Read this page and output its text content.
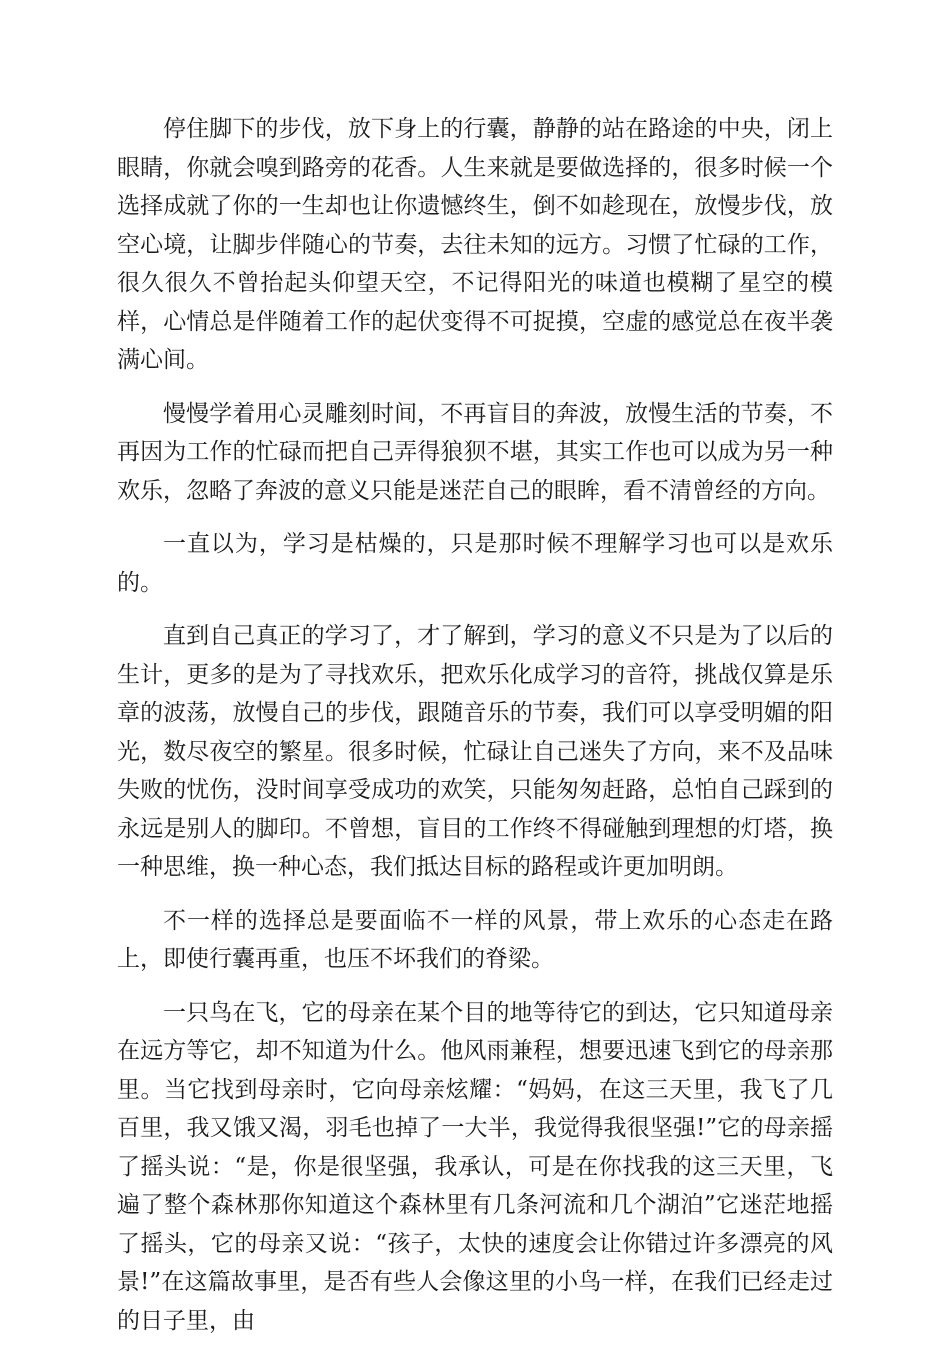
停住脚下的步伐，放下身上的行囊，静静的站在路途的中央，闭上眼睛，你就会嗅到路旁的花香。人生来就是要做选择的，很多时候一个选择成就了你的一生却也让你遗憾终生，倒不如趁现在，放慢步伐，放空心境，让脚步伴随心的节奏，去往未知的远方。习惯了忙碌的工作，很久很久不曾抬起头仰望天空，不记得阳光的味道也模糊了星空的模样，心情总是伴随着工作的起伏变得不可捉摸，空虚的感觉总在夜半袭满心间。

慢慢学着用心灵雕刻时间，不再盲目的奔波，放慢生活的节奏，不再因为工作的忙碌而把自己弄得狼狈不堪，其实工作也可以成为另一种欢乐，忽略了奔波的意义只能是迷茫自己的眼眸，看不清曾经的方向。

一直以为，学习是枯燥的，只是那时候不理解学习也可以是欢乐的。

直到自己真正的学习了，才了解到，学习的意义不只是为了以后的生计，更多的是为了寻找欢乐，把欢乐化成学习的音符，挑战仅算是乐章的波荡，放慢自己的步伐，跟随音乐的节奏，我们可以享受明媚的阳光，数尽夜空的繁星。很多时候，忙碌让自己迷失了方向，来不及品味失败的忧伤，没时间享受成功的欢笑，只能匆匆赶路，总怕自己踩到的永远是别人的脚印。不曾想，盲目的工作终不得碰触到理想的灯塔，换一种思维，换一种心态，我们抵达目标的路程或许更加明朗。

不一样的选择总是要面临不一样的风景，带上欢乐的心态走在路上，即使行囊再重，也压不坏我们的脊梁。

一只鸟在飞，它的母亲在某个目的地等待它的到达，它只知道母亲在远方等它，却不知道为什么。他风雨兼程，想要迅速飞到它的母亲那里。当它找到母亲时，它向母亲炫耀：“妈妈，在这三天里，我飞了几百里，我又饿又渴，羽毛也掉了一大半，我觉得我很坚强!”它的母亲摇了摇头说：“是，你是很坚强，我承认，可是在你找我的这三天里，飞遍了整个森林那你知道这个森林里有几条河流和几个湖泊”它迷茫地摇了摇头，它的母亲又说：“孩子，太快的速度会让你错过许多漂亮的风景!”在这篇故事里，是否有些人会像这里的小鸟一样，在我们已经走过的日子里，由
